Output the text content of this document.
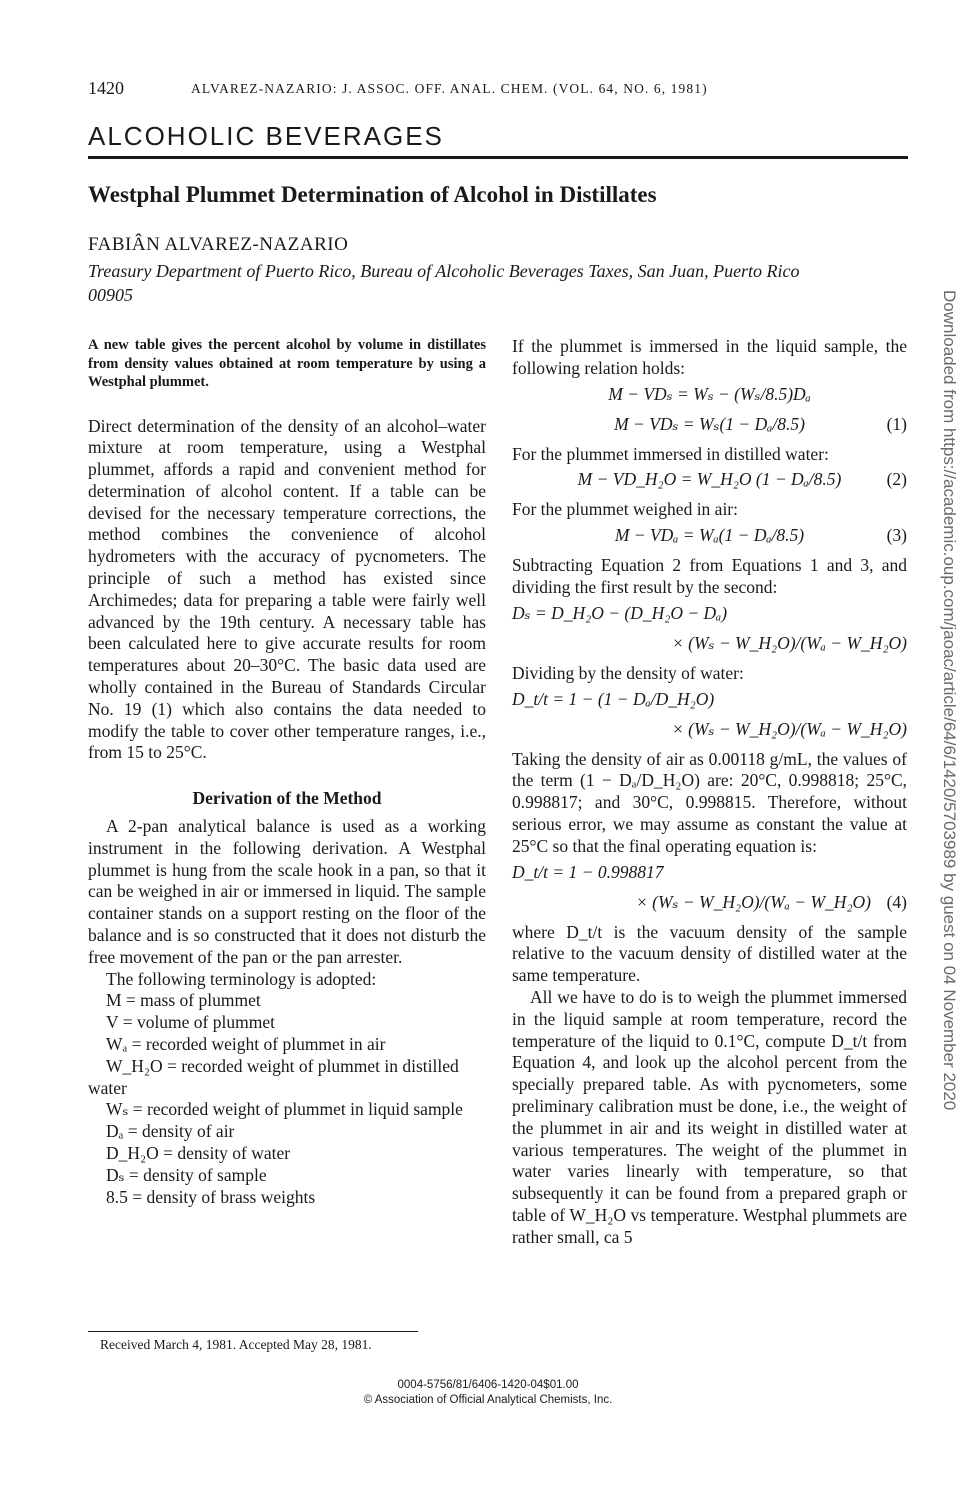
1420	ALVAREZ-NAZARIO: J. ASSOC. OFF. ANAL. CHEM. (VOL. 64, NO. 6, 1981)
ALCOHOLIC BEVERAGES
Westphal Plummet Determination of Alcohol in Distillates
FABIÂN ALVAREZ-NAZARIO
Treasury Department of Puerto Rico, Bureau of Alcoholic Beverages Taxes, San Juan, Puerto Rico 00905

A new table gives the percent alcohol by volume in distillates from density values obtained at room temperature by using a Westphal plummet.

Direct determination of the density of an alcohol–water mixture at room temperature, using a Westphal plummet, affords a rapid and convenient method for determination of alcohol content. If a table can be devised for the necessary temperature corrections, the method combines the convenience of alcohol hydrometers with the accuracy of pycnometers. The principle of such a method has existed since Archimedes; data for preparing a table were fairly well advanced by the 19th century. A necessary table has been calculated here to give accurate results for room temperatures about 20–30°C. The basic data used are wholly contained in the Bureau of Standards Circular No. 19 (1) which also contains the data needed to modify the table to cover other temperature ranges, i.e., from 15 to 25°C.

Derivation of the Method

A 2-pan analytical balance is used as a working instrument in the following derivation. A Westphal plummet is hung from the scale hook in a pan, so that it can be weighed in air or immersed in liquid. The sample container stands on a support resting on the floor of the balance and is so constructed that it does not disturb the free movement of the pan or the pan arrester.

The following terminology is adopted:

M = mass of plummet
V = volume of plummet
Wₐ = recorded weight of plummet in air
W_H₂O = recorded weight of plummet in distilled water
Wₛ = recorded weight of plummet in liquid sample
Dₐ = density of air
D_H₂O = density of water
Dₛ = density of sample
8.5 = density of brass weights
Received March 4, 1981. Accepted May 28, 1981.

If the plummet is immersed in the liquid sample, the following relation holds:

M − VDₛ = Wₛ − (Wₛ/8.5)Dₐ
M − VDₛ = Wₛ(1 − Dₐ/8.5)	(1)

For the plummet immersed in distilled water:

M − VD_H₂O = W_H₂O (1 − Dₐ/8.5)	(2)

For the plummet weighed in air:

M − VDₐ = Wₐ(1 − Dₐ/8.5)	(3)

Subtracting Equation 2 from Equations 1 and 3, and dividing the first result by the second:

Dₛ = D_H₂O − (D_H₂O − Dₐ)
× (Wₛ − W_H₂O)/(Wₐ − W_H₂O)

Dividing by the density of water:

D_t/t = 1 − (1 − Dₐ/D_H₂O)
× (Wₛ − W_H₂O)/(Wₐ − W_H₂O)

Taking the density of air as 0.00118 g/mL, the values of the term (1 − Dₐ/D_H₂O) are: 20°C, 0.998818; 25°C, 0.998817; and 30°C, 0.998815. Therefore, without serious error, we may assume as constant the value at 25°C so that the final operating equation is:

D_t/t = 1 − 0.998817
× (Wₛ − W_H₂O)/(Wₐ − W_H₂O) (4)

where D_t/t is the vacuum density of the sample relative to the vacuum density of distilled water at the same temperature.

All we have to do is to weigh the plummet immersed in the liquid sample at room temperature, record the temperature of the liquid to 0.1°C, compute D_t/t from Equation 4, and look up the alcohol percent from the specially prepared table. As with pycnometers, some preliminary calibration must be done, i.e., the weight of the plummet in air and its weight in distilled water at various temperatures. The weight of the plummet in water varies linearly with temperature, so that subsequently it can be found from a prepared graph or table of W_H₂O vs temperature. Westphal plummets are rather small, ca 5

0004-5756/81/6406-1420-04$01.00
© Association of Official Analytical Chemists, Inc.
Downloaded from https://academic.oup.com/jaoac/article/64/6/1420/5703989 by guest on 04 November 2020
